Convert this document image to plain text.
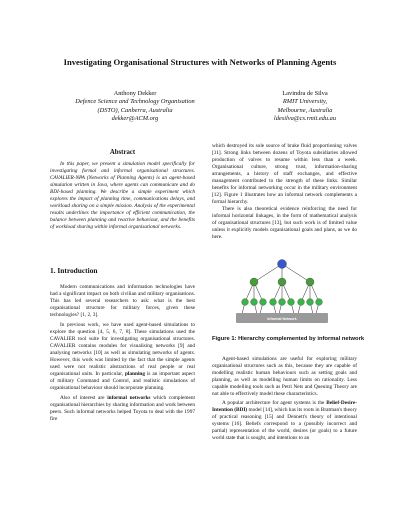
Investigating Organisational Structures with Networks of Planning Agents
Anthony Dekker
Defence Science and Technology Organisation
(DSTO), Canberra, Australia
dekker@ACM.org
Lavindra de Silva
RMIT University,
Melbourne, Australia
ldesilva@cs.rmit.edu.au
Abstract

In this paper, we present a simulation model specifically for investigating formal and informal organisational structures. CAVALIER-NPA (Networks of Planning Agents) is an agent-based simulation written in Java, where agents can communicate and do BDI-based planning. We describe a simple experiment which explores the impact of planning time, communications delays, and workload sharing on a simple mission. Analysis of the experimental results underlines the importance of efficient communication, the balance between planning and reactive behaviour, and the benefits of workload sharing within informal organisational networks.

1. Introduction

Modern communications and information technologies have had a significant impact on both civilian and military organisations. This has led several researchers to ask: what is the best organisational structure for military forces, given these technologies? [1, 2, 3].

In previous work, we have used agent-based simulations to explore the question [4, 5, 6, 7, 8]. These simulations used the CAVALIER tool suite for investigating organisational structures. CAVALIER contains modules for visualising networks [9] and analysing networks [10] as well as simulating networks of agents. However, this work was limited by the fact that the simple agents used were not realistic abstractions of real people or real organisational units. In particular, planning is an important aspect of military Command and Control, and realistic simulations of organisational behaviour should incorporate planning.

Also of interest are informal networks which complement organisational hierarchies by sharing information and work between peers. Such informal networks helped Toyota to deal with the 1997 fire

which destroyed its sole source of brake fluid proportioning valves [11]. Strong links between dozens of Toyota subsidiaries allowed production of valves to resume within less than a week. Organisational culture, strong trust, information-sharing arrangements, a history of staff exchanges, and effective management contributed to the strength of these links. Similar benefits for informal networking occur in the military environment [12]. Figure 1 illustrates how an informal network complements a formal hierarchy.

There is also theoretical evidence reinforcing the need for informal horizontal linkages, in the form of mathematical analysis of organisational structures [13], but such work is of limited value unless it explicitly models organisational goals and plans, as we do here.

Informal Network
Figure 1: Hierarchy complemented by informal network

Agent-based simulations are useful for exploring military organisational structures such as this, because they are capable of modelling realistic human behaviours such as setting goals and planning, as well as modelling human limits on rationality. Less capable modelling tools such as Petri Nets and Queuing Theory are not able to effectively model these characteristics.

A popular architecture for agent systems is the Belief-Desire-Intention (BDI) model [14], which has its roots in Bratman's theory of practical reasoning [15] and Dennett's theory of intentional systems [16]. Beliefs correspond to a (possibly incorrect and partial) representation of the world, desires (or goals) to a future world state that is sought, and intentions to an
